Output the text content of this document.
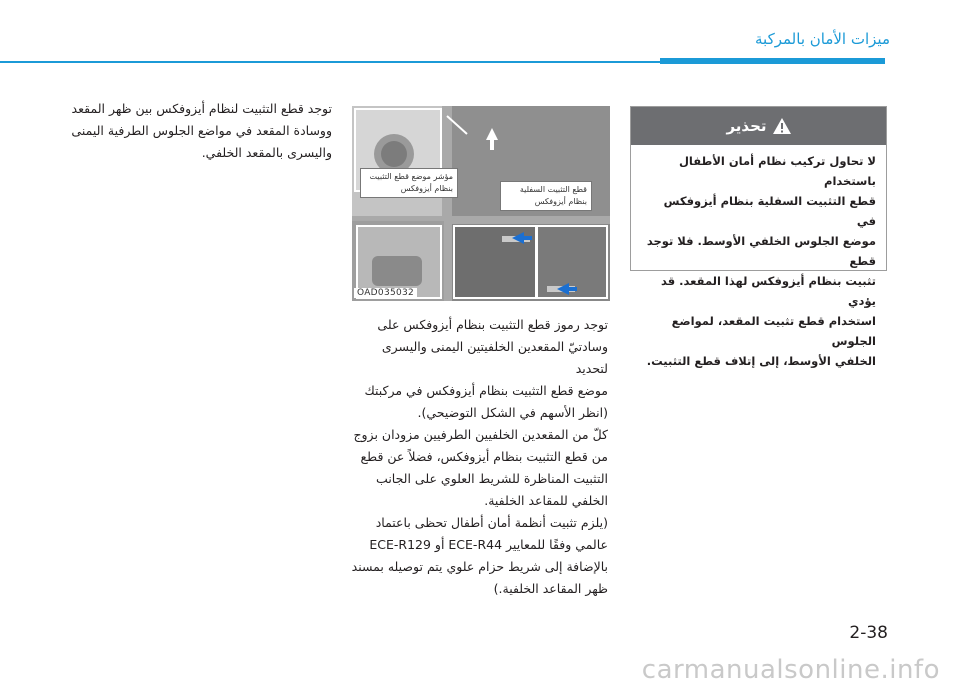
ميزات الأمان بالمركبة

توجد قطع التثبيت لنظام أيزوفكس بين ظهر المقعد

ووسادة المقعد في مواضع الجلوس الطرفية اليمنى

واليسرى بالمقعد الخلفي.

مؤشر موضع قطع التثبيت
بنظام أيزوفكس	قطع التثبيت السفلية
بنظام أيزوفكس
OAD035032

توجد رموز قطع التثبيت بنظام أيزوفكس على

وسادتيّ المقعدين الخلفيتين اليمنى واليسرى لتحديد

موضع قطع التثبيت بنظام أيزوفكس في مركبتك

(انظر الأسهم في الشكل التوضيحي).

كلّ من المقعدين الخلفيين الطرفيين مزودان بزوج

من قطع التثبيت بنظام أيزوفكس، فضلاً عن قطع

التثبيت المناظرة للشريط العلوي على الجانب

الخلفي للمقاعد الخلفية.

(يلزم تثبيت أنظمة أمان أطفال تحظى باعتماد

عالمي وفقًا للمعايير ECE-R44 أو ECE-R129

بالإضافة إلى شريط حزام علوي يتم توصيله بمسند

ظهر المقاعد الخلفية.)

تحذير
لا تحاول تركيب نظام أمان الأطفال باستخدام
قطع التثبيت السفلية بنظام أيزوفكس في
موضع الجلوس الخلفي الأوسط. فلا توجد قطع
تثبيت بنظام أيزوفكس لهذا المقعد. قد يؤدي
استخدام قطع تثبيت المقعد، لمواضع الجلوس
الخلفي الأوسط، إلى إتلاف قطع التثبيت.
2-38
carmanualsonline.info
